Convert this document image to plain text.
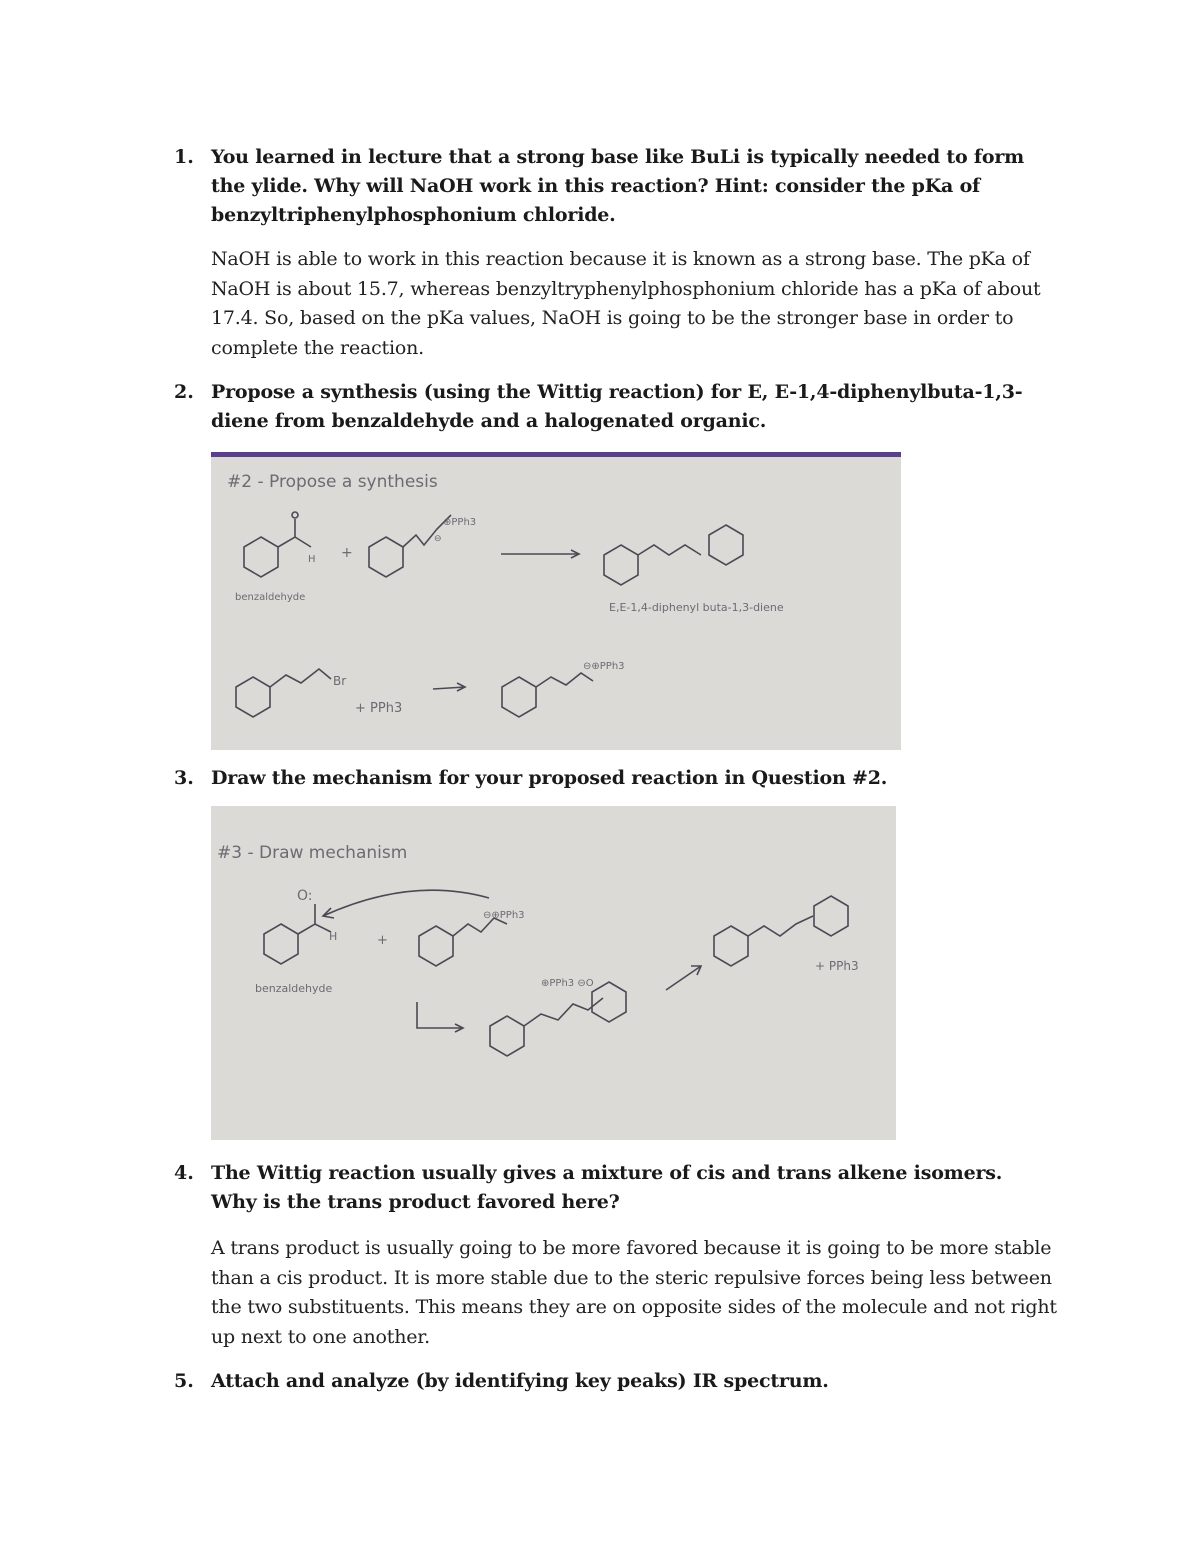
1. You learned in lecture that a strong base like BuLi is typically needed to form the ylide. Why will NaOH work in this reaction? Hint: consider the pKa of benzyltriphenylphosphonium chloride.
NaOH is able to work in this reaction because it is known as a strong base. The pKa of NaOH is about 15.7, whereas benzyltryphenylphosphonium chloride has a pKa of about 17.4. So, based on the pKa values, NaOH is going to be the stronger base in order to complete the reaction.
2. Propose a synthesis (using the Wittig reaction) for E, E-1,4-diphenylbuta-1,3-diene from benzaldehyde and a halogenated organic.
#2 - Propose a synthesis
H +
⊕PPh3
⊖
benzaldehyde
E,E-1,4-diphenyl buta-1,3-diene
Br
+ PPh3
⊖⊕PPh3
3. Draw the mechanism for your proposed reaction in Question #2.
#3 - Draw mechanism
O:
H	+
⊖⊕PPh3
benzaldehyde	⊕PPh3 ⊖O
+ PPh3
4. The Wittig reaction usually gives a mixture of cis and trans alkene isomers. Why is the trans product favored here?
A trans product is usually going to be more favored because it is going to be more stable than a cis product. It is more stable due to the steric repulsive forces being less between the two substituents. This means they are on opposite sides of the molecule and not right up next to one another.
5. Attach and analyze (by identifying key peaks) IR spectrum.
